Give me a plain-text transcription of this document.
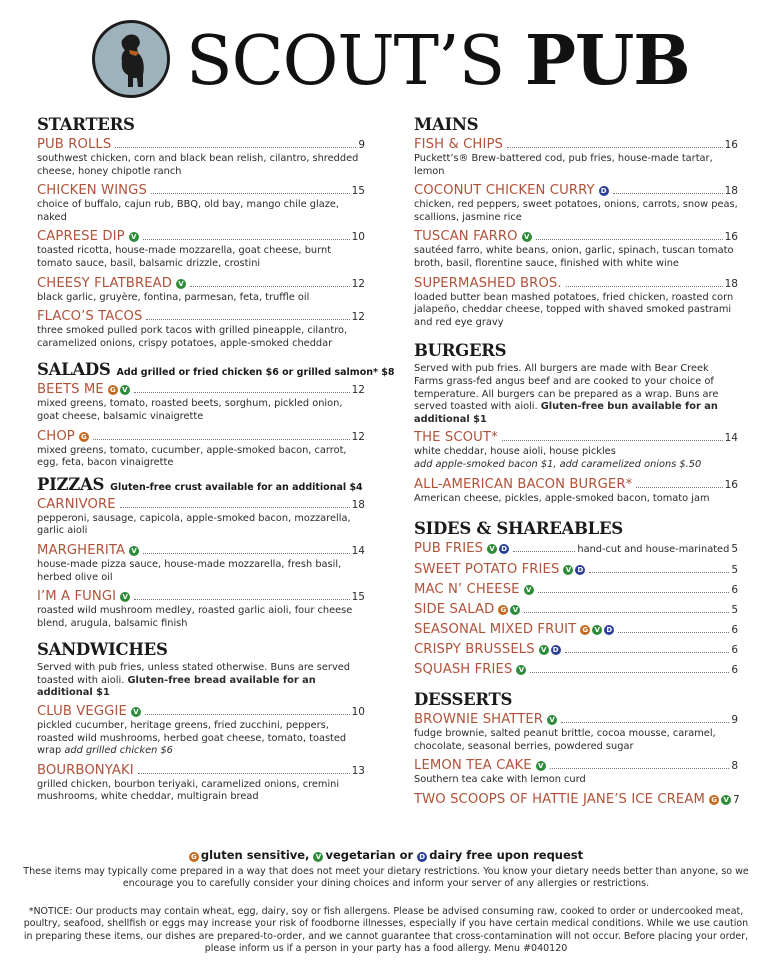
SCOUT’S PUB
STARTERS
PUB ROLLS	9
southwest chicken, corn and black bean relish, cilantro, shredded cheese, honey chipotle ranch
CHICKEN WINGS	15
choice of buffalo, cajun rub, BBQ, old bay, mango chile glaze, naked
CAPRESE DIP V	10
toasted ricotta, house-made mozzarella, goat cheese, burnt tomato sauce, basil, balsamic drizzle, crostini
CHEESY FLATBREAD V	12
black garlic, gruyère, fontina, parmesan, feta, truffle oil
FLACO’S TACOS	12
three smoked pulled pork tacos with grilled pineapple, cilantro, caramelized onions, crispy potatoes, apple-smoked cheddar
SALADS Add grilled or fried chicken $6 or grilled salmon* $8
BEETS ME G V	12
mixed greens, tomato, roasted beets, sorghum, pickled onion, goat cheese, balsamic vinaigrette
CHOP G	12
mixed greens, tomato, cucumber, apple-smoked bacon, carrot, egg, feta, bacon vinaigrette
PIZZAS Gluten-free crust available for an additional $4
CARNIVORE	18
pepperoni, sausage, capicola, apple-smoked bacon, mozzarella, garlic aioli
MARGHERITA V	14
house-made pizza sauce, house-made mozzarella, fresh basil, herbed olive oil
I’M A FUNGI V	15
roasted wild mushroom medley, roasted garlic aioli, four cheese blend, arugula, balsamic finish
SANDWICHES
Served with pub fries, unless stated otherwise. Buns are served toasted with aioli. Gluten-free bread available for an additional $1
CLUB VEGGIE V	10
pickled cucumber, heritage greens, fried zucchini, peppers, roasted wild mushrooms, herbed goat cheese, tomato, toasted wrap add grilled chicken $6
BOURBONYAKI	13
grilled chicken, bourbon teriyaki, caramelized onions, cremini mushrooms, white cheddar, multigrain bread
MAINS
FISH & CHIPS	16
Puckett’s® Brew-battered cod, pub fries, house-made tartar, lemon
COCONUT CHICKEN CURRY D	18
chicken, red peppers, sweet potatoes, onions, carrots, snow peas, scallions, jasmine rice
TUSCAN FARRO V	16
sautéed farro, white beans, onion, garlic, spinach, tuscan tomato broth, basil, florentine sauce, finished with white wine
SUPERMASHED BROS.	18
loaded butter bean mashed potatoes, fried chicken, roasted corn jalapeño, cheddar cheese, topped with shaved smoked pastrami and red eye gravy
BURGERS
Served with pub fries. All burgers are made with Bear Creek Farms grass-fed angus beef and are cooked to your choice of temperature. All burgers can be prepared as a wrap. Buns are served toasted with aioli. Gluten-free bun available for an additional $1
THE SCOUT*	14
white cheddar, house aioli, house pickles
add apple-smoked bacon $1, add caramelized onions $.50
ALL-AMERICAN BACON BURGER*	16
American cheese, pickles, apple-smoked bacon, tomato jam
SIDES & SHAREABLES
PUB FRIES V D	hand-cut and house-marinated 5
SWEET POTATO FRIES V D	5
MAC N’ CHEESE V	6
SIDE SALAD G V	5
SEASONAL MIXED FRUIT G V D	6
CRISPY BRUSSELS V D	6
SQUASH FRIES V	6
DESSERTS
BROWNIE SHATTER V	9
fudge brownie, salted peanut brittle, cocoa mousse, caramel, chocolate, seasonal berries, powdered sugar
LEMON TEA CAKE V	8
Southern tea cake with lemon curd
TWO SCOOPS OF HATTIE JANE’S ICE CREAM G V 7
G gluten sensitive, V vegetarian or D dairy free upon request
These items may typically come prepared in a way that does not meet your dietary restrictions. You know your dietary needs better than anyone, so we encourage you to carefully consider your dining choices and inform your server of any allergies or restrictions.
*NOTICE: Our products may contain wheat, egg, dairy, soy or fish allergens. Please be advised consuming raw, cooked to order or undercooked meat, poultry, seafood, shellfish or eggs may increase your risk of foodborne illnesses, especially if you have certain medical conditions. While we use caution in preparing these items, our dishes are prepared-to-order, and we cannot guarantee that cross-contamination will not occur. Before placing your order, please inform us if a person in your party has a food allergy. Menu #040120
